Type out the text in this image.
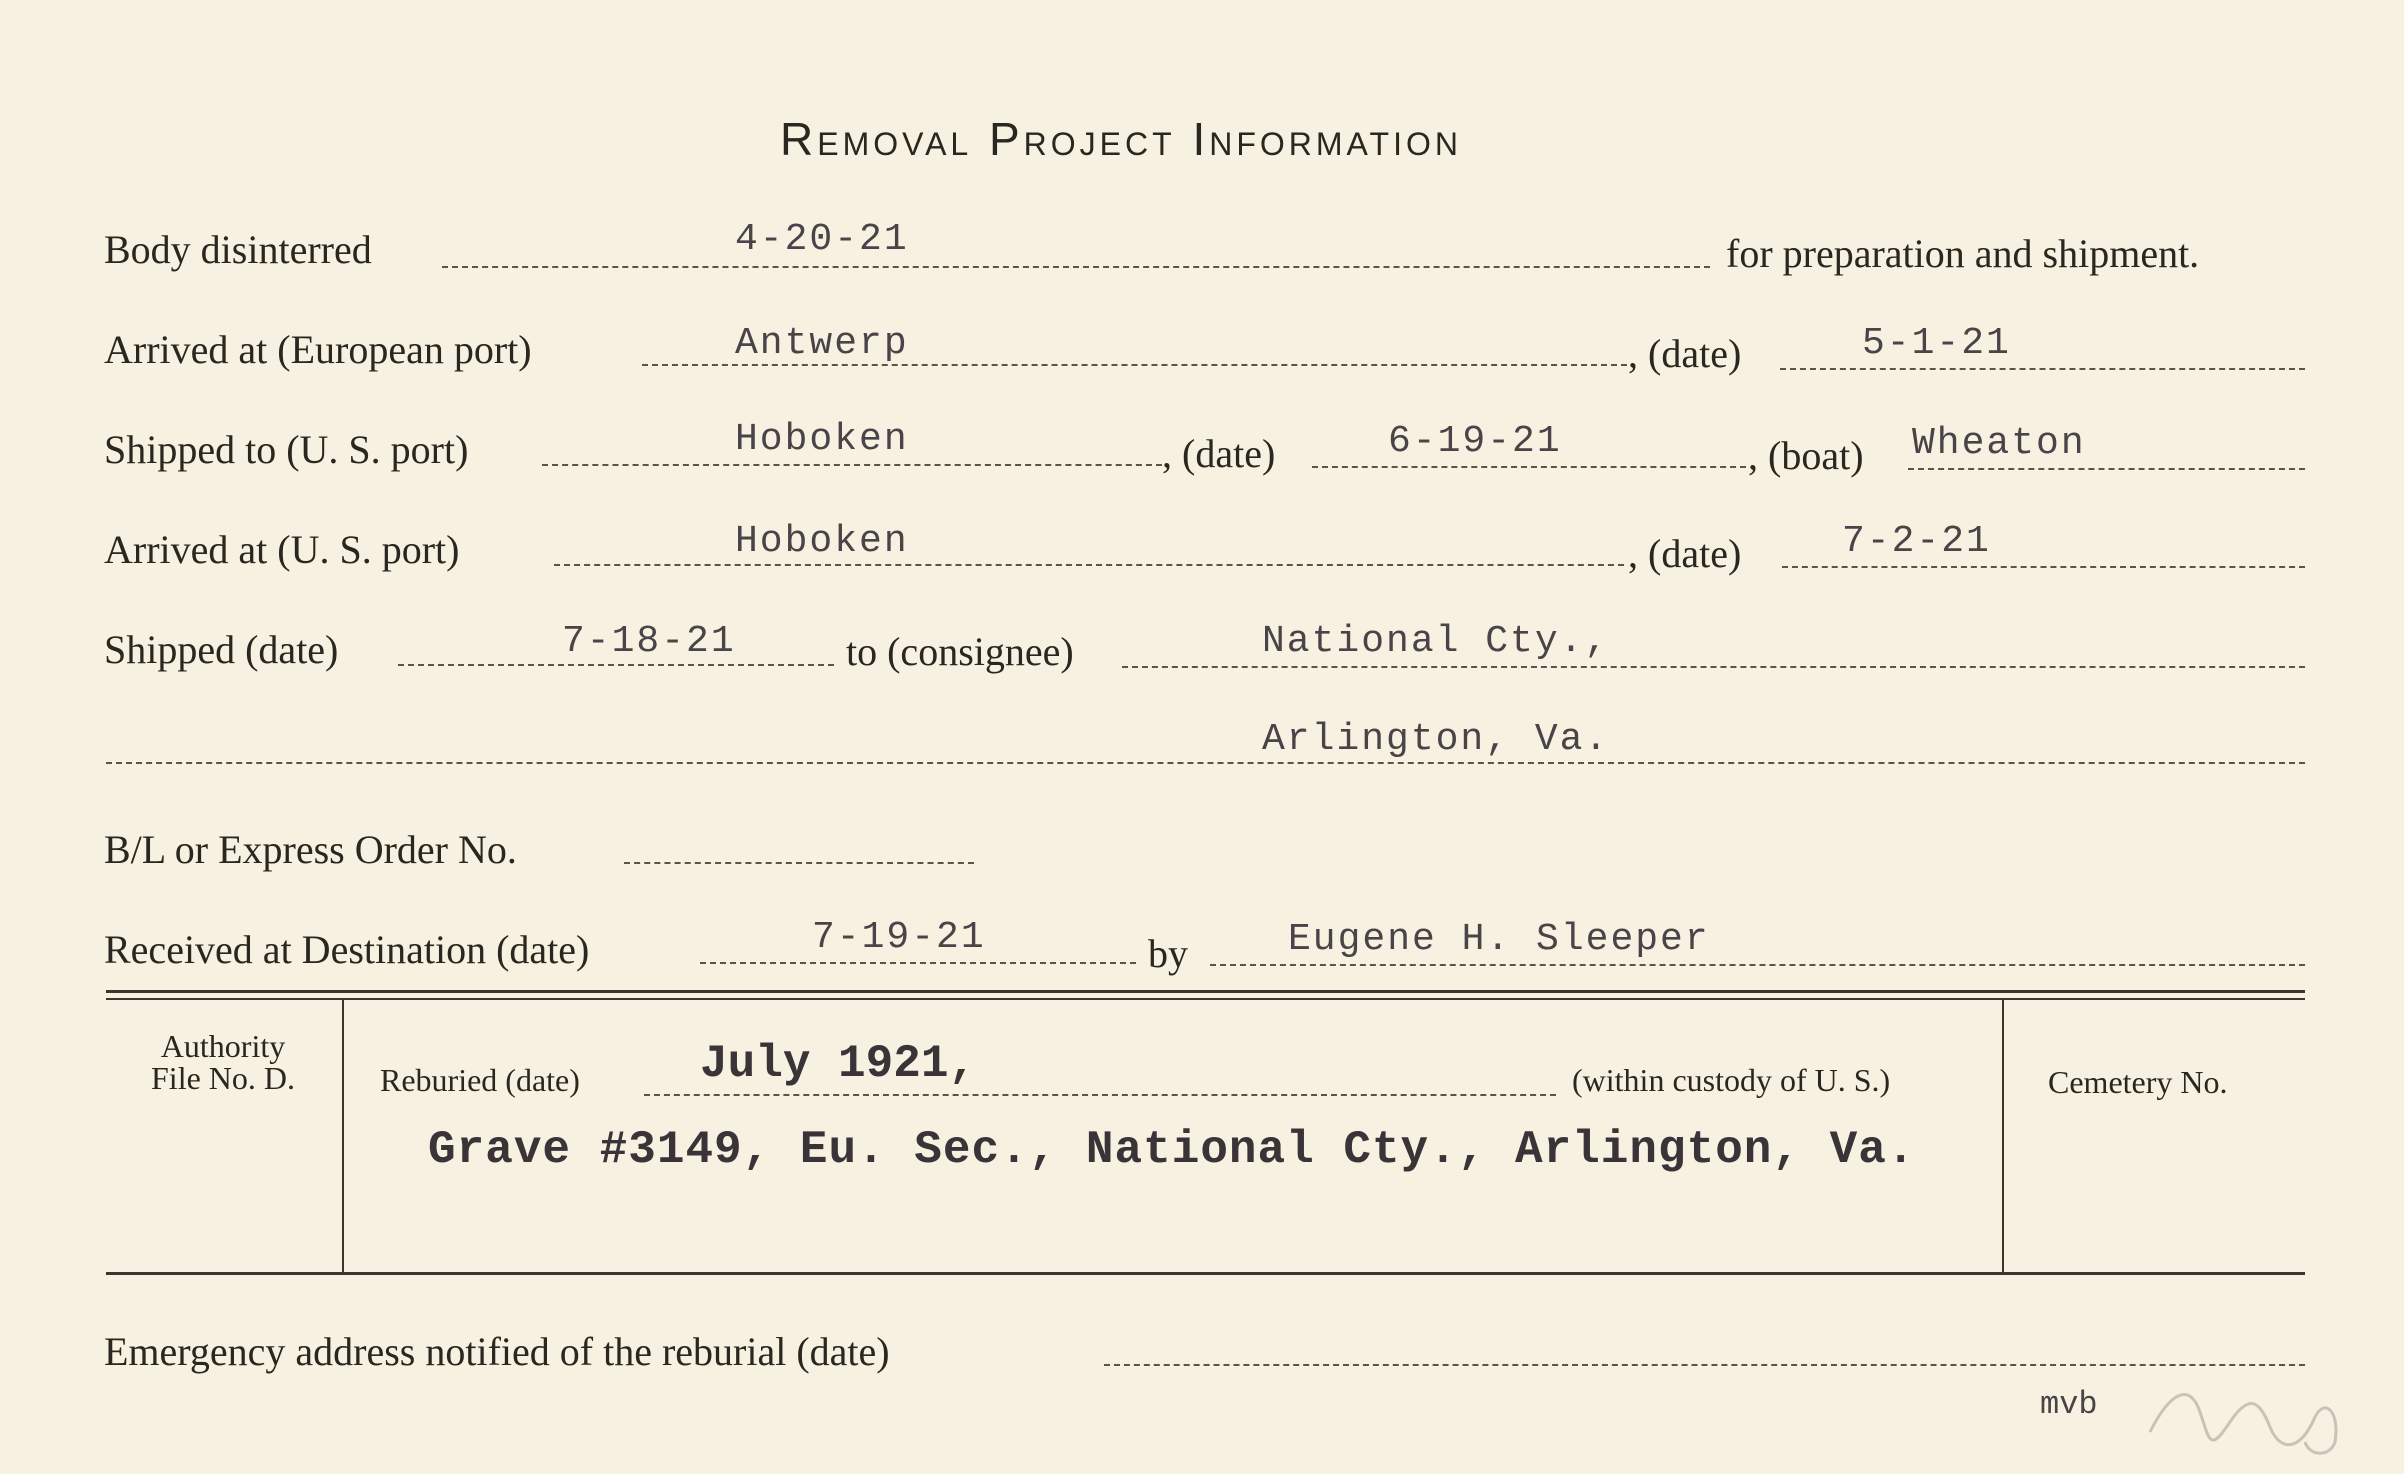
Removal Project Information
Body disinterred	4-20-21	for preparation and shipment.
Arrived at (European port)	Antwerp	, (date)	5-1-21
Shipped to (U. S. port)	Hoboken	, (date)	6-19-21	, (boat) Wheaton
Arrived at (U. S. port)	Hoboken	, (date)	7-2-21
Shipped (date)	7-18-21	to (consignee)	National Cty.,
Arlington, Va.
B/L or Express Order No.
Received at Destination (date)	7-19-21	by	Eugene H. Sleeper
Authority
File No. D.	Reburied (date)	July 1921,	(within custody of U. S.)
Grave #3149, Eu. Sec., National Cty., Arlington, Va.
Cemetery No.
Emergency address notified of the reburial (date)
mvb
